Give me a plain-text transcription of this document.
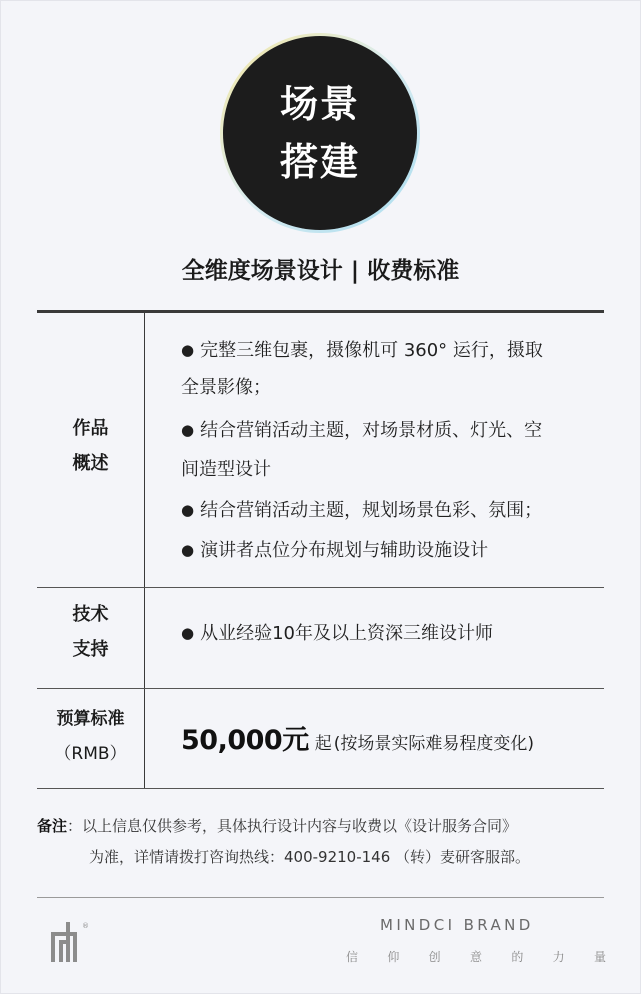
场景
搭建
全维度场景设计 | 收费标准
作品
概述
● 完整三维包裹，摄像机可 360° 运行，摄取
全景影像；
● 结合营销活动主题，对场景材质、灯光、空
间造型设计
● 结合营销活动主题，规划场景色彩、氛围；
● 演讲者点位分布规划与辅助设施设计
技术
支持
● 从业经验10年及以上资深三维设计师
预算标准
（RMB）	50,000元 起 (按场景实际难易程度变化)
备注：以上信息仅供参考，具体执行设计内容与收费以《设计服务合同》
为准，详情请拨打咨询热线：400-9210-146 （转）麦研客服部。
®	MINDCI BRAND
信 仰 创 意 的 力 量
